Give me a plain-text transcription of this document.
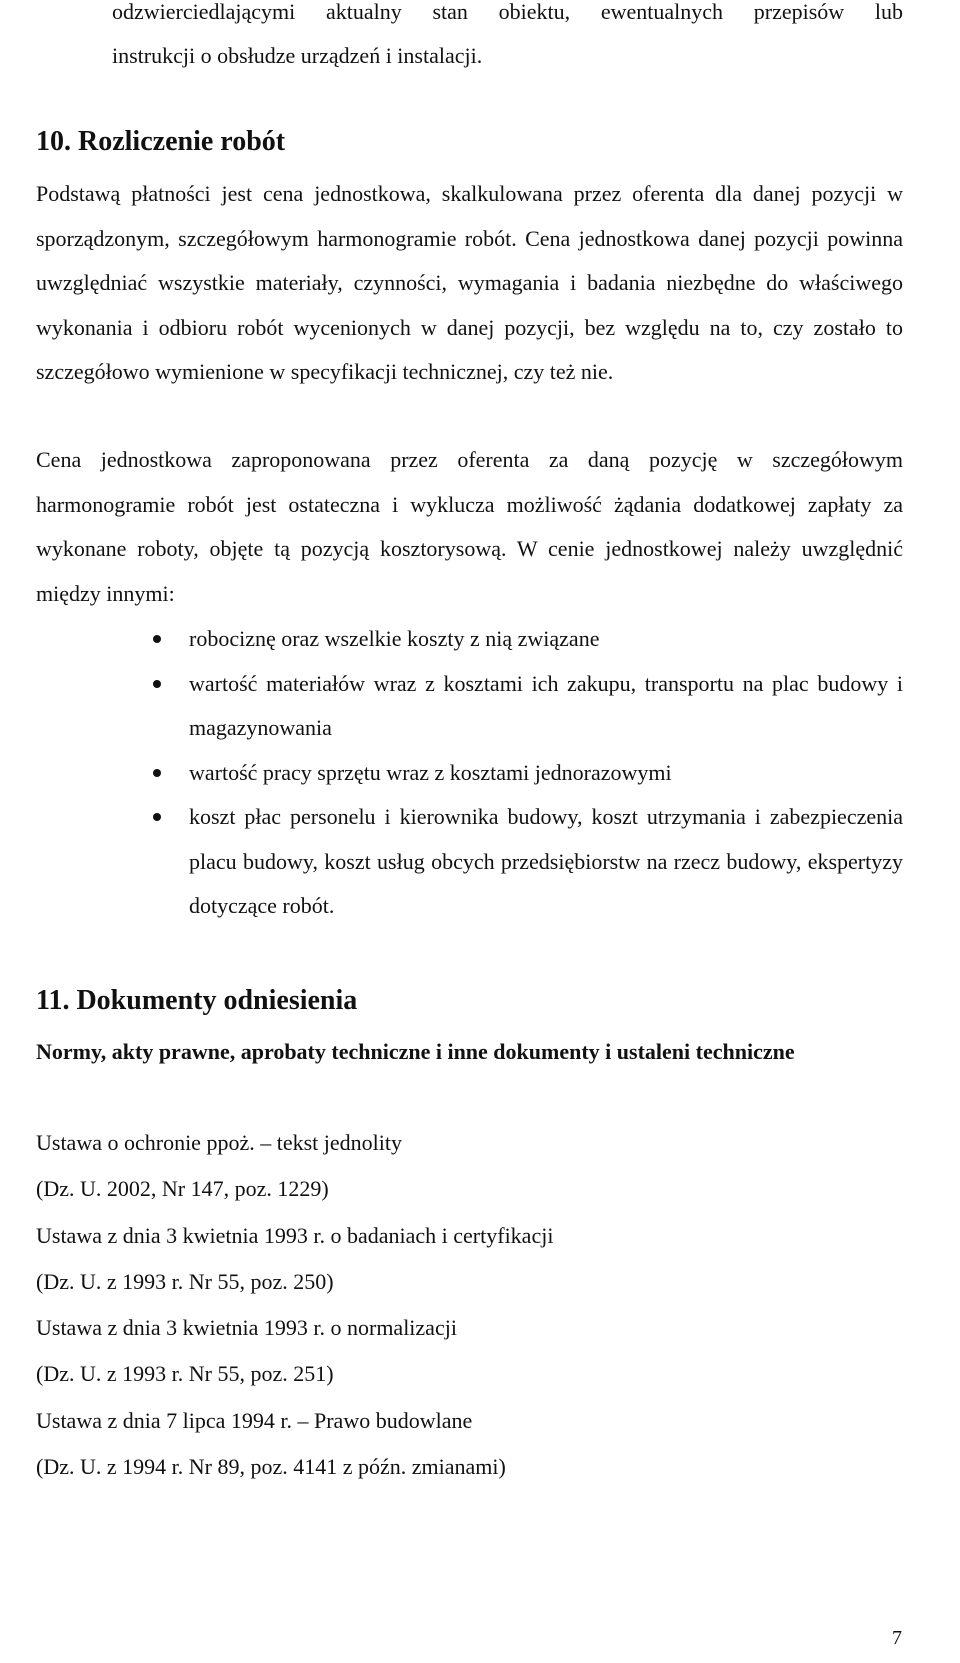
odzwierciedlającymi aktualny stan obiektu, ewentualnych przepisów lub

instrukcji o obsłudze urządzeń i instalacji.

10. Rozliczenie robót

Podstawą płatności jest cena jednostkowa, skalkulowana przez oferenta dla danej pozycji w sporządzonym, szczegółowym harmonogramie robót. Cena jednostkowa danej pozycji powinna uwzględniać wszystkie materiały, czynności, wymagania i badania niezbędne do właściwego wykonania i odbioru robót wycenionych w danej pozycji, bez względu na to, czy zostało to szczegółowo wymienione w specyfikacji technicznej, czy też nie.

Cena jednostkowa zaproponowana przez oferenta za daną pozycję w szczegółowym harmonogramie robót jest ostateczna i wyklucza możliwość żądania dodatkowej zapłaty za wykonane roboty, objęte tą pozycją kosztorysową. W cenie jednostkowej należy uwzględnić między innymi:

robociznę oraz wszelkie koszty z nią związane
wartość materiałów wraz z kosztami ich zakupu, transportu na plac budowy i magazynowania
wartość pracy sprzętu wraz z kosztami jednorazowymi
koszt płac personelu i kierownika budowy, koszt utrzymania i zabezpieczenia placu budowy, koszt usług obcych przedsiębiorstw na rzecz budowy, ekspertyzy dotyczące robót.
11. Dokumenty odniesienia

Normy, akty prawne, aprobaty techniczne i inne dokumenty i ustaleni techniczne

Ustawa o ochronie ppoż. – tekst jednolity

(Dz. U. 2002, Nr 147, poz. 1229)

Ustawa z dnia 3 kwietnia 1993 r. o badaniach i certyfikacji

(Dz. U. z 1993 r. Nr 55, poz. 250)

Ustawa z dnia 3 kwietnia 1993 r. o normalizacji

(Dz. U. z 1993 r. Nr 55, poz. 251)

Ustawa z dnia 7 lipca 1994 r. – Prawo budowlane

(Dz. U. z 1994 r. Nr 89, poz. 4141 z późn. zmianami)

7
